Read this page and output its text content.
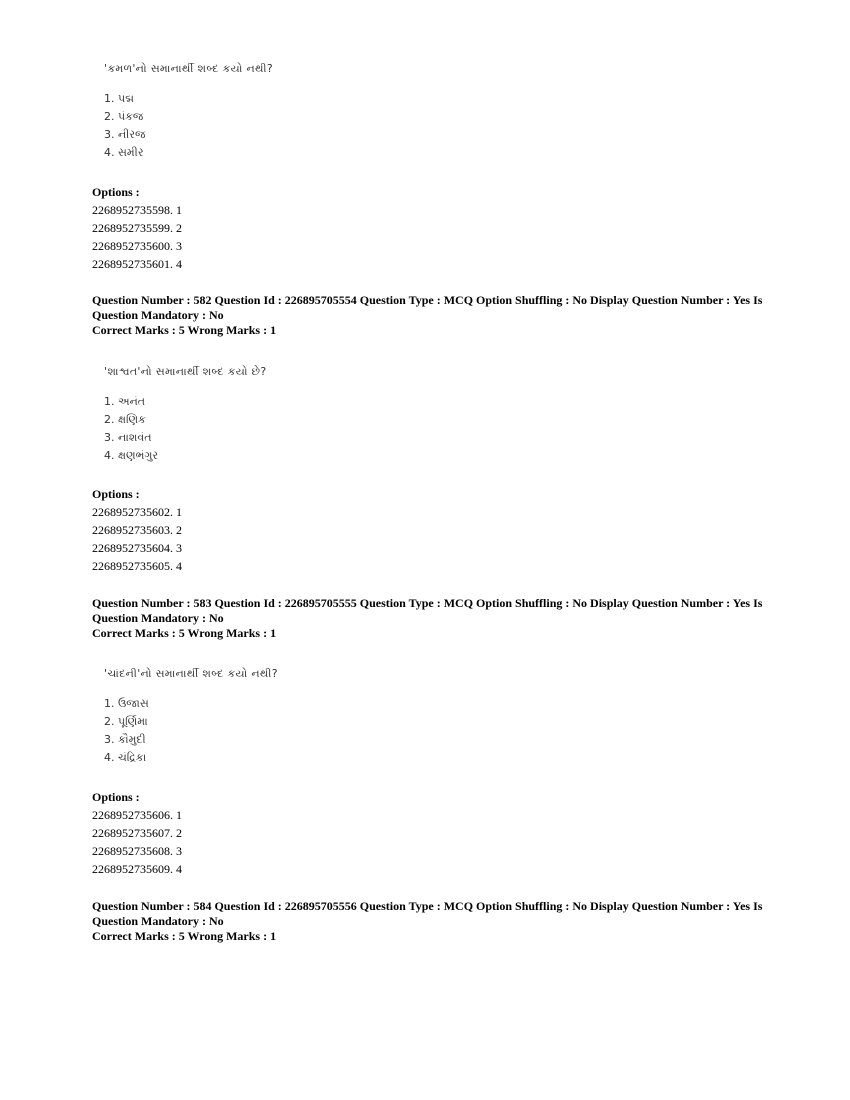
'કમળ'નો સમાનાર્થી શબ્દ કયો નથી?
1. પદ્મ
2. પંકજ
3. નીરજ
4. સમીર
Options :
2268952735598. 1
2268952735599. 2
2268952735600. 3
2268952735601. 4
Question Number : 582 Question Id : 226895705554 Question Type : MCQ Option Shuffling : No Display Question Number : Yes Is
Question Mandatory : No
Correct Marks : 5 Wrong Marks : 1
'શાશ્વત'નો સમાનાર્થી શબ્દ કયો છે?
1. અનંત
2. ક્ષણિક
3. નાશવંત
4. ક્ષણભંગુર
Options :
2268952735602. 1
2268952735603. 2
2268952735604. 3
2268952735605. 4
Question Number : 583 Question Id : 226895705555 Question Type : MCQ Option Shuffling : No Display Question Number : Yes Is
Question Mandatory : No
Correct Marks : 5 Wrong Marks : 1
'ચાંદની'નો સમાનાર્થી શબ્દ કયો નથી?
1. ઉજાસ
2. પૂર્ણિમા
3. કૌમુદી
4. ચંદ્રિકા
Options :
2268952735606. 1
2268952735607. 2
2268952735608. 3
2268952735609. 4
Question Number : 584 Question Id : 226895705556 Question Type : MCQ Option Shuffling : No Display Question Number : Yes Is
Question Mandatory : No
Correct Marks : 5 Wrong Marks : 1
